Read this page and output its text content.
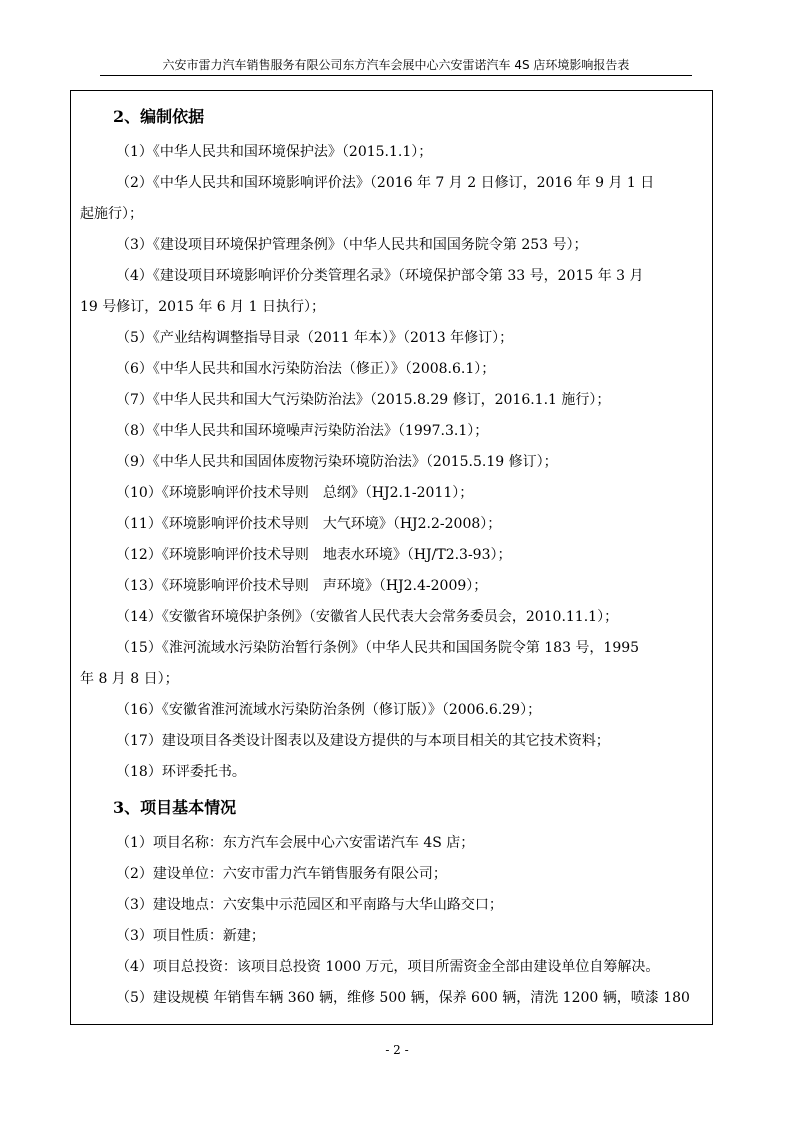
六安市雷力汽车销售服务有限公司东方汽车会展中心六安雷诺汽车 4S 店环境影响报告表

2、编制依据

（1）《中华人民共和国环境保护法》（2015.1.1）；

（2）《中华人民共和国环境影响评价法》（2016 年 7 月 2 日修订，2016 年 9 月 1 日

起施行）；

（3）《建设项目环境保护管理条例》（中华人民共和国国务院令第 253 号）；

（4）《建设项目环境影响评价分类管理名录》（环境保护部令第 33 号，2015 年 3 月

19 号修订，2015 年 6 月 1 日执行）；

（5）《产业结构调整指导目录（2011 年本）》（2013 年修订）；

（6）《中华人民共和国水污染防治法（修正）》（2008.6.1）；

（7）《中华人民共和国大气污染防治法》（2015.8.29 修订，2016.1.1 施行）；

（8）《中华人民共和国环境噪声污染防治法》（1997.3.1）；

（9）《中华人民共和国固体废物污染环境防治法》（2015.5.19 修订）；

（10）《环境影响评价技术导则　总纲》（HJ2.1-2011）；

（11）《环境影响评价技术导则　大气环境》（HJ2.2-2008）；

（12）《环境影响评价技术导则　地表水环境》（HJ/T2.3-93）；

（13）《环境影响评价技术导则　声环境》（HJ2.4-2009）；

（14）《安徽省环境保护条例》（安徽省人民代表大会常务委员会，2010.11.1）；

（15）《淮河流域水污染防治暂行条例》（中华人民共和国国务院令第 183 号，1995

年 8 月 8 日）；

（16）《安徽省淮河流域水污染防治条例（修订版）》（2006.6.29）；

（17）建设项目各类设计图表以及建设方提供的与本项目相关的其它技术资料；

（18）环评委托书。

3、项目基本情况

（1）项目名称：东方汽车会展中心六安雷诺汽车 4S 店；

（2）建设单位：六安市雷力汽车销售服务有限公司；

（3）建设地点：六安集中示范园区和平南路与大华山路交口；

（3）项目性质：新建；

（4）项目总投资：该项目总投资 1000 万元，项目所需资金全部由建设单位自筹解决。

（5）建设规模 年销售车辆 360 辆，维修 500 辆，保养 600 辆，清洗 1200 辆，喷漆 180

- 2 -
